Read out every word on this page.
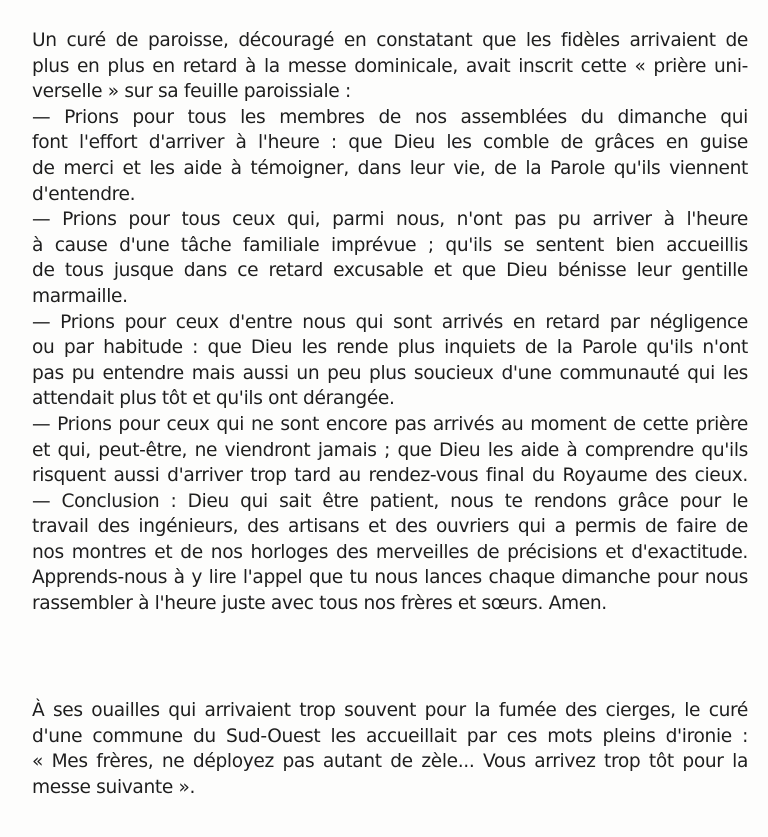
Un curé de paroisse, découragé en constatant que les fidèles arrivaient de
plus en plus en retard à la messe dominicale, avait inscrit cette « prière uni-
verselle » sur sa feuille paroissiale :
— Prions pour tous les membres de nos assemblées du dimanche qui
font l'effort d'arriver à l'heure : que Dieu les comble de grâces en guise
de merci et les aide à témoigner, dans leur vie, de la Parole qu'ils viennent
d'entendre.
— Prions pour tous ceux qui, parmi nous, n'ont pas pu arriver à l'heure
à cause d'une tâche familiale imprévue ; qu'ils se sentent bien accueillis
de tous jusque dans ce retard excusable et que Dieu bénisse leur gentille
marmaille.
— Prions pour ceux d'entre nous qui sont arrivés en retard par négligence
ou par habitude : que Dieu les rende plus inquiets de la Parole qu'ils n'ont
pas pu entendre mais aussi un peu plus soucieux d'une communauté qui les
attendait plus tôt et qu'ils ont dérangée.
— Prions pour ceux qui ne sont encore pas arrivés au moment de cette prière
et qui, peut-être, ne viendront jamais ; que Dieu les aide à comprendre qu'ils
risquent aussi d'arriver trop tard au rendez-vous final du Royaume des cieux.
— Conclusion : Dieu qui sait être patient, nous te rendons grâce pour le
travail des ingénieurs, des artisans et des ouvriers qui a permis de faire de
nos montres et de nos horloges des merveilles de précisions et d'exactitude.
Apprends-nous à y lire l'appel que tu nous lances chaque dimanche pour nous
rassembler à l'heure juste avec tous nos frères et sœurs. Amen.
À ses ouailles qui arrivaient trop souvent pour la fumée des cierges, le curé
d'une commune du Sud-Ouest les accueillait par ces mots pleins d'ironie :
« Mes frères, ne déployez pas autant de zèle... Vous arrivez trop tôt pour la
messe suivante ».
